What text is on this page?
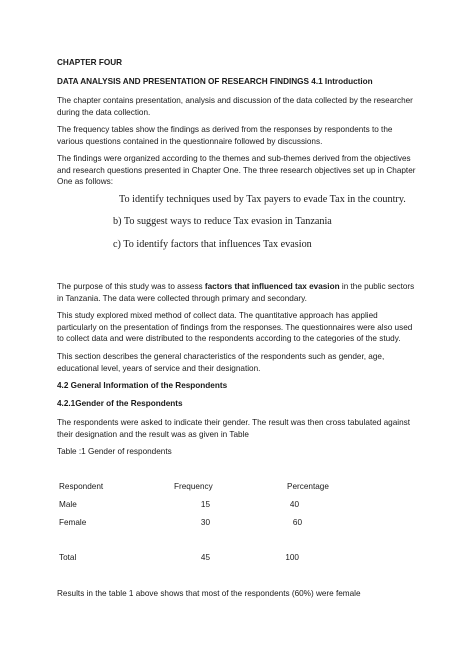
CHAPTER FOUR

DATA ANALYSIS AND PRESENTATION OF RESEARCH FINDINGS 4.1 Introduction

The chapter contains presentation, analysis and discussion of the data collected by the researcher during the data collection.

The frequency tables show the findings as derived from the responses by respondents to the various questions contained in the questionnaire followed by discussions.

The findings were organized according to the themes and sub-themes derived from the objectives and research questions presented in Chapter One. The three research objectives set up in Chapter One as follows:

To identify techniques used by Tax payers to evade Tax in the country.

b) To suggest ways to reduce Tax evasion in Tanzania

c) To identify factors that influences Tax evasion

The purpose of this study was to assess factors that influenced tax evasion in the public sectors in Tanzania. The data were collected through primary and secondary.

This study explored mixed method of collect data. The quantitative approach has applied particularly on the presentation of findings from the responses. The questionnaires were also used to collect data and were distributed to the respondents according to the categories of the study.

This section describes the general characteristics of the respondents such as gender, age, educational level, years of service and their designation.

4.2 General Information of the Respondents

4.2.1Gender of the Respondents

The respondents were asked to indicate their gender. The result was then cross tabulated against their designation and the result was as given in Table

Table :1 Gender of respondents

Respondent	Frequency	Percentage

Male	15	40

Female	30	60

Total	45	100

Results in the table 1 above shows that most of the respondents (60%) were female
